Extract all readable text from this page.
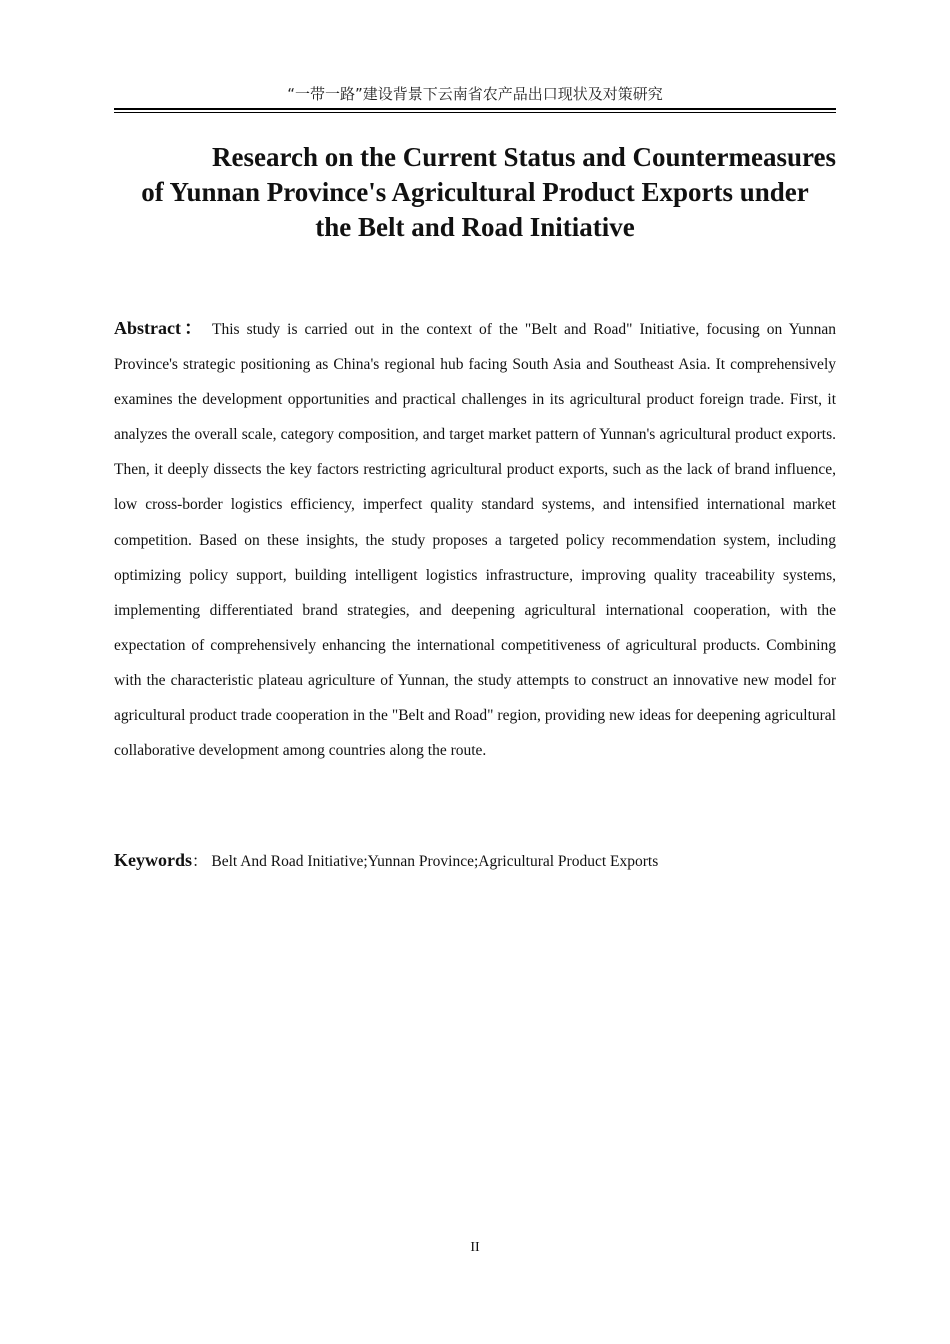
“一带一路”建设背景下云南省农产品出口现状及对策研究
Research on the Current Status and Countermeasures
of Yunnan Province's Agricultural Product Exports under
the Belt and Road Initiative

Abstract： This study is carried out in the context of the "Belt and Road" Initiative, focusing on Yunnan Province's strategic positioning as China's regional hub facing South Asia and Southeast Asia. It comprehensively examines the development opportunities and practical challenges in its agricultural product foreign trade. First, it analyzes the overall scale, category composition, and target market pattern of Yunnan's agricultural product exports. Then, it deeply dissects the key factors restricting agricultural product exports, such as the lack of brand influence, low cross-border logistics efficiency, imperfect quality standard systems, and intensified international market competition. Based on these insights, the study proposes a targeted policy recommendation system, including optimizing policy support, building intelligent logistics infrastructure, improving quality traceability systems, implementing differentiated brand strategies, and deepening agricultural international cooperation, with the expectation of comprehensively enhancing the international competitiveness of agricultural products. Combining with the characteristic plateau agriculture of Yunnan, the study attempts to construct an innovative new model for agricultural product trade cooperation in the "Belt and Road" region, providing new ideas for deepening agricultural collaborative development among countries along the route.

Keywords： Belt And Road Initiative;Yunnan Province;Agricultural Product Exports

II
